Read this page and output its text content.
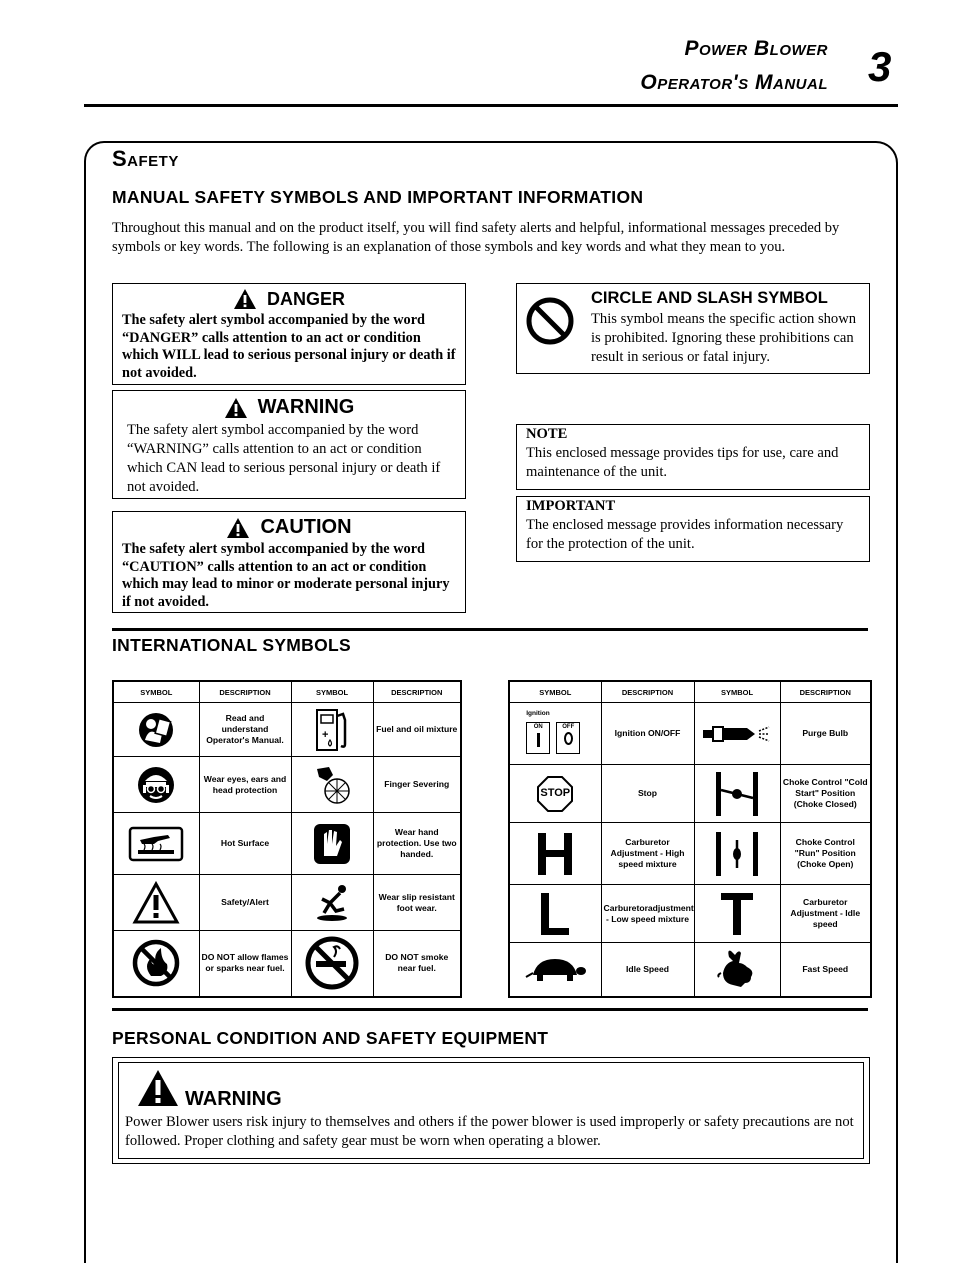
Power Blower
Operator's Manual 3
Safety
MANUAL SAFETY SYMBOLS AND IMPORTANT INFORMATION
Throughout this manual and on the product itself, you will find safety alerts and helpful, informational messages preceded by symbols or key words. The following is an explanation of those symbols and key words and what they mean to you.
DANGER
The safety alert symbol accompanied by the word “DANGER” calls attention to an act or condition which WILL lead to serious personal injury or death if not avoided.
WARNING
The safety alert symbol accompanied by the word “WARNING” calls attention to an act or condition which CAN lead to serious personal injury or death if not avoided.
CAUTION
The safety alert symbol accompanied by the word “CAUTION” calls attention to an act or condition which may lead to minor or moderate personal injury if not avoided.
CIRCLE AND SLASH SYMBOL
This symbol means the specific action shown is prohibited. Ignoring these prohibitions can result in serious or fatal injury.
NOTE
This enclosed message provides tips for use, care and maintenance of the unit.
IMPORTANT
The enclosed message provides information necessary for the protection of the unit.
INTERNATIONAL SYMBOLS
SYMBOL	DESCRIPTION	SYMBOL	DESCRIPTION

	Read and understand Operator's Manual.	+	Fuel and oil mixture

	Wear eyes, ears and head protection		Finger Severing

	Hot Surface		Wear hand protection. Use two handed.

	Safety/Alert		Wear slip resistant foot wear.

	DO NOT allow flames or sparks near fuel.		DO NOT smoke near fuel.
SYMBOL	DESCRIPTION	SYMBOL	DESCRIPTION

Ignition
ON OFF	Ignition ON/OFF		Purge Bulb

STOP	Stop		Choke Control "Cold Start" Position (Choke Closed)

	Carburetor Adjustment - High speed mixture		Choke Control "Run" Position (Choke Open)

	Carburetoradjustment - Low speed mixture		Carburetor Adjustment - Idle speed

	Idle Speed		Fast Speed
PERSONAL CONDITION AND SAFETY EQUIPMENT
WARNING
Power Blower users risk injury to themselves and others if the power blower is used improperly or safety precautions are not followed. Proper clothing and safety gear must be worn when operating a blower.
